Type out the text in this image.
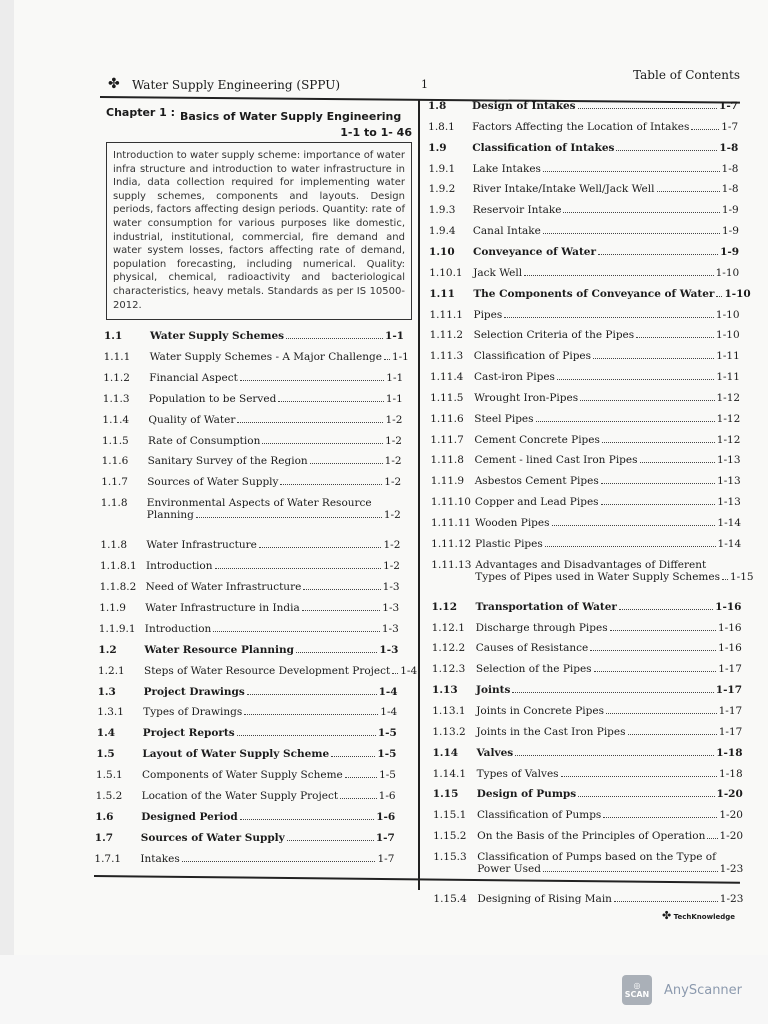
✤ Water Supply Engineering (SPPU)	1
Table of Contents
Chapter 1 : Basics of Water Supply Engineering
1-1 to 1- 46
Introduction to water supply scheme: importance of water infra structure and introduction to water infrastructure in India, data collection required for implementing water supply schemes, components and layouts. Design periods, factors affecting design periods. Quantity: rate of water consumption for various purposes like domestic, industrial, institutional, commercial, fire demand and water system losses, factors affecting rate of demand, population forecasting, including numerical. Quality: physical, chemical, radioactivity and bacteriological characteristics, heavy metals. Standards as per IS 10500-2012.
1.1	Water Supply Schemes	1-1
1.1.1 Water Supply Schemes - A Major Challenge 1-1
1.1.2 Financial Aspect	1-1
1.1.3 Population to be Served	1-1
1.1.4 Quality of Water	1-2
1.1.5 Rate of Consumption	1-2
1.1.6 Sanitary Survey of the Region	1-2
1.1.7 Sources of Water Supply	1-2
1.1.8 Environmental Aspects of Water Resource
Planning	1-2
1.1.8 Water Infrastructure	1-2
1.1.8.1 Introduction	1-2
1.1.8.2 Need of Water Infrastructure	1-3
1.1.9 Water Infrastructure in India	1-3
1.1.9.1 Introduction	1-3
1.2	Water Resource Planning	1-3
1.2.1 Steps of Water Resource Development Project 1-4
1.3	Project Drawings	1-4
1.3.1 Types of Drawings	1-4
1.4	Project Reports	1-5
1.5	Layout of Water Supply Scheme	1-5
1.5.1 Components of Water Supply Scheme	1-5
1.5.2 Location of the Water Supply Project	1-6
1.6	Designed Period	1-6
1.7	Sources of Water Supply	1-7
1.7.1 Intakes	1-7
1.8 Design of Intakes	1-7
1.8.1 Factors Affecting the Location of Intakes	1-7
1.9 Classification of Intakes	1-8
1.9.1 Lake Intakes	1-8
1.9.2 River Intake/Intake Well/Jack Well	1-8
1.9.3 Reservoir Intake	1-9
1.9.4 Canal Intake	1-9
1.10 Conveyance of Water	1-9
1.10.1 Jack Well	1-10
1.11 The Components of Conveyance of Water 1-10
1.11.1 Pipes	1-10
1.11.2 Selection Criteria of the Pipes	1-10
1.11.3 Classification of Pipes	1-11
1.11.4 Cast-iron Pipes	1-11
1.11.5 Wrought Iron-Pipes	1-12
1.11.6 Steel Pipes	1-12
1.11.7 Cement Concrete Pipes	1-12
1.11.8 Cement - lined Cast Iron Pipes	1-13
1.11.9 Asbestos Cement Pipes	1-13
1.11.10 Copper and Lead Pipes	1-13
1.11.11 Wooden Pipes	1-14
1.11.12 Plastic Pipes	1-14
1.11.13 Advantages and Disadvantages of Different
Types of Pipes used in Water Supply Schemes 1-15
1.12 Transportation of Water	1-16
1.12.1 Discharge through Pipes	1-16
1.12.2 Causes of Resistance	1-16
1.12.3 Selection of the Pipes	1-17
1.13 Joints	1-17
1.13.1 Joints in Concrete Pipes	1-17
1.13.2 Joints in the Cast Iron Pipes	1-17
1.14 Valves	1-18
1.14.1 Types of Valves	1-18
1.15 Design of Pumps	1-20
1.15.1 Classification of Pumps	1-20
1.15.2 On the Basis of the Principles of Operation 1-20
1.15.3 Classification of Pumps based on the Type of
Power Used	1-23
1.15.4 Designing of Rising Main	1-23
✤ TechKnowledge
◎
SCAN AnyScanner
